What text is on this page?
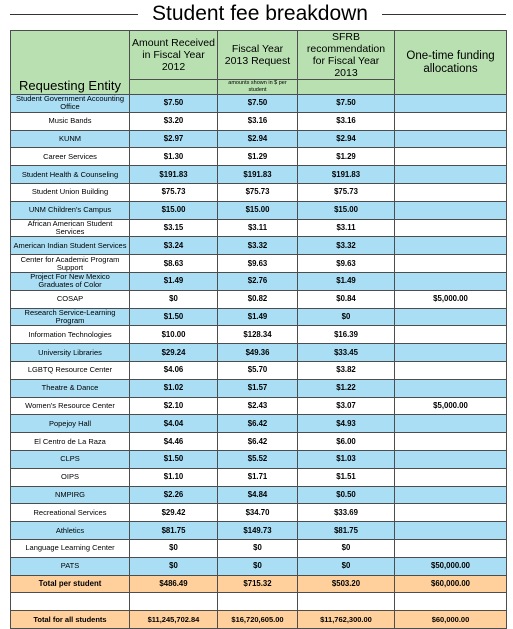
Student fee breakdown
Requesting Entity	Amount Received in Fiscal Year 2012	Fiscal Year 2013 Request	SFRB recommendation for Fiscal Year 2013	One-time funding allocations
		amounts shown in $ per student		
Student Government Accounting Office	$7.50	$7.50	$7.50	
Music Bands	$3.20	$3.16	$3.16	
KUNM	$2.97	$2.94	$2.94	
Career Services	$1.30	$1.29	$1.29	
Student Health & Counseling	$191.83	$191.83	$191.83	
Student Union Building	$75.73	$75.73	$75.73	
UNM Children's Campus	$15.00	$15.00	$15.00	
African American Student Services	$3.15	$3.11	$3.11	
American Indian Student Services	$3.24	$3.32	$3.32	
Center for Academic Program Support	$8.63	$9.63	$9.63	
Project For New Mexico Graduates of Color	$1.49	$2.76	$1.49	
COSAP	$0	$0.82	$0.84	$5,000.00
Research Service-Learning Program	$1.50	$1.49	$0	
Information Technologies	$10.00	$128.34	$16.39	
University Libraries	$29.24	$49.36	$33.45	
LGBTQ Resource Center	$4.06	$5.70	$3.82	
Theatre & Dance	$1.02	$1.57	$1.22	
Women's Resource Center	$2.10	$2.43	$3.07	$5,000.00
Popejoy Hall	$4.04	$6.42	$4.93	
El Centro de La Raza	$4.46	$6.42	$6.00	
CLPS	$1.50	$5.52	$1.03	
OIPS	$1.10	$1.71	$1.51	
NMPIRG	$2.26	$4.84	$0.50	
Recreational Services	$29.42	$34.70	$33.69	
Athletics	$81.75	$149.73	$81.75	
Language Learning Center	$0	$0	$0	
PATS	$0	$0	$0	$50,000.00
Total per student	$486.49	$715.32	$503.20	$60,000.00

Total for all students	$11,245,702.84	$16,720,605.00	$11,762,300.00	$60,000.00
